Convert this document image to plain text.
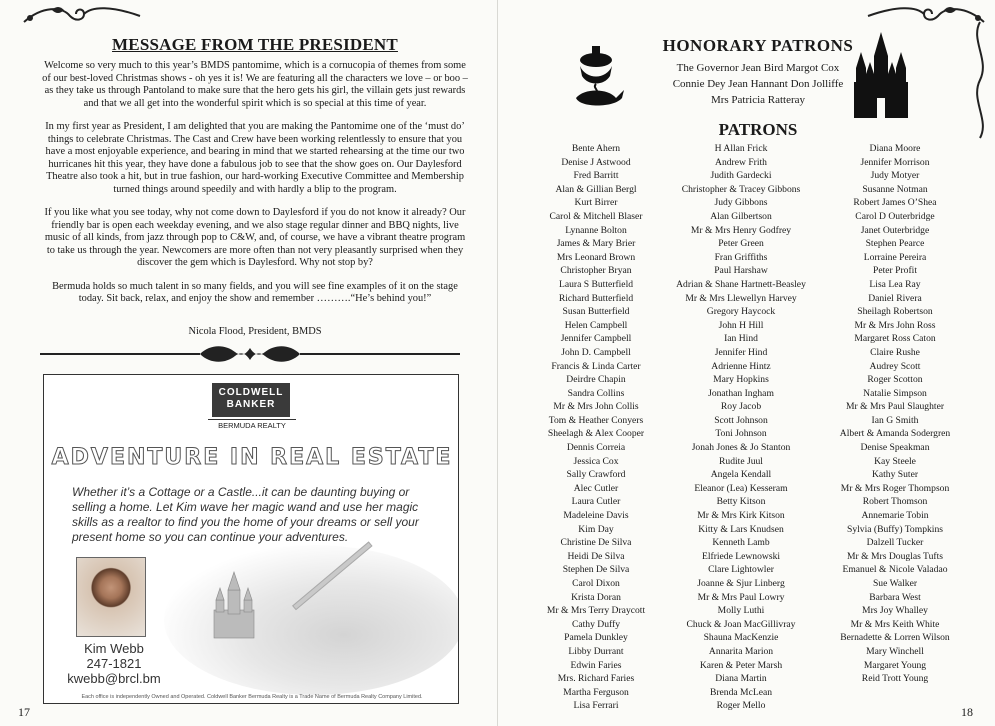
MESSAGE FROM THE PRESIDENT

Welcome so very much to this year’s BMDS pantomime, which is a cornucopia of themes from some of our best-loved Christmas shows - oh yes it is! We are featuring all the characters we love – or boo – as they take us through Pantoland to make sure that the hero gets his girl, the villain gets just rewards and that we all get into the wonderful spirit which is so special at this time of year.

In my first year as President, I am delighted that you are making the Pantomime one of the ‘must do’ things to celebrate Christmas. The Cast and Crew have been working relentlessly to ensure that you have a most enjoyable experience, and bearing in mind that we started rehearsing at the time our two hurricanes hit this year, they have done a fabulous job to see that the show goes on. Our Daylesford Theatre also took a hit, but in true fashion, our hard-working Executive Committee and Membership turned things around speedily and with hardly a blip to the program.

If you like what you see today, why not come down to Daylesford if you do not know it already? Our friendly bar is open each weekday evening, and we also stage regular dinner and BBQ nights, live music of all kinds, from jazz through pop to C&W, and, of course, we have a vibrant theatre program to take us through the year. Newcomers are more often than not very pleasantly surprised when they discover the gem which is Daylesford. Why not stop by?

Bermuda holds so much talent in so many fields, and you will see fine examples of it on the stage today. Sit back, relax, and enjoy the show and remember ……….“He’s behind you!”

Nicola Flood, President, BMDS
COLDWELL
BANKER
BERMUDA REALTY
ADVENTURE IN REAL ESTATE
Whether it’s a Cottage or a Castle...it can be daunting buying or selling a home. Let Kim wave her magic wand and use her magic skills as a realtor to find you the home of your dreams or sell your present home so you can continue your adventures.
Kim Webb
247-1821
kwebb@brcl.bm
Each office is independently Owned and Operated. Coldwell Banker Bermuda Realty is a Trade Name of Bermuda Realty Company Limited.
17
HONORARY PATRONS
The Governor Jean Bird Margot Cox
Connie Dey Jean Hannant Don Jolliffe
Mrs Patricia Ratteray
PATRONS
Bente Ahern
Denise J Astwood
Fred Barritt
Alan & Gillian Bergl
Kurt Birrer
Carol & Mitchell Blaser
Lynanne Bolton
James & Mary Brier
Mrs Leonard Brown
Christopher Bryan
Laura S Butterfield
Richard Butterfield
Susan Butterfield
Helen Campbell
Jennifer Campbell
John D. Campbell
Francis & Linda Carter
Deirdre Chapin
Sandra Collins
Mr & Mrs John Collis
Tom & Heather Conyers
Sheelagh & Alex Cooper
Dennis Correia
Jessica Cox
Sally Crawford
Alec Cutler
Laura Cutler
Madeleine Davis
Kim Day
Christine De Silva
Heidi De Silva
Stephen De Silva
Carol Dixon
Krista Doran
Mr & Mrs Terry Draycott
Cathy Duffy
Pamela Dunkley
Libby Durrant
Edwin Faries
Mrs. Richard Faries
Martha Ferguson
Lisa Ferrari
H Allan Frick
Andrew Frith
Judith Gardecki
Christopher & Tracey Gibbons
Judy Gibbons
Alan Gilbertson
Mr & Mrs Henry Godfrey
Peter Green
Fran Griffiths
Paul Harshaw
Adrian & Shane Hartnett-Beasley
Mr & Mrs Llewellyn Harvey
Gregory Haycock
John H Hill
Ian Hind
Jennifer Hind
Adrienne Hintz
Mary Hopkins
Jonathan Ingham
Roy Jacob
Scott Johnson
Toni Johnson
Jonah Jones & Jo Stanton
Rudite Juul
Angela Kendall
Eleanor (Lea) Kesseram
Betty Kitson
Mr & Mrs Kirk Kitson
Kitty & Lars Knudsen
Kenneth Lamb
Elfriede Lewnowski
Clare Lightowler
Joanne & Sjur Linberg
Mr & Mrs Paul Lowry
Molly Luthi
Chuck & Joan MacGillivray
Shauna MacKenzie
Annarita Marion
Karen & Peter Marsh
Diana Martin
Brenda McLean
Roger Mello
Diana Moore
Jennifer Morrison
Judy Motyer
Susanne Notman
Robert James O’Shea
Carol D Outerbridge
Janet Outerbridge
Stephen Pearce
Lorraine Pereira
Peter Profit
Lisa Lea Ray
Daniel Rivera
Sheilagh Robertson
Mr & Mrs John Ross
Margaret Ross Caton
Claire Rushe
Audrey Scott
Roger Scotton
Natalie Simpson
Mr & Mrs Paul Slaughter
Ian G Smith
Albert & Amanda Sodergren
Denise Speakman
Kay Steele
Kathy Suter
Mr & Mrs Roger Thompson
Robert Thomson
Annemarie Tobin
Sylvia (Buffy) Tompkins
Dalzell Tucker
Mr & Mrs Douglas Tufts
Emanuel & Nicole Valadao
Sue Walker
Barbara West
Mrs Joy Whalley
Mr & Mrs Keith White
Bernadette & Lorren Wilson
Mary Winchell
Margaret Young
Reid Trott Young
18
